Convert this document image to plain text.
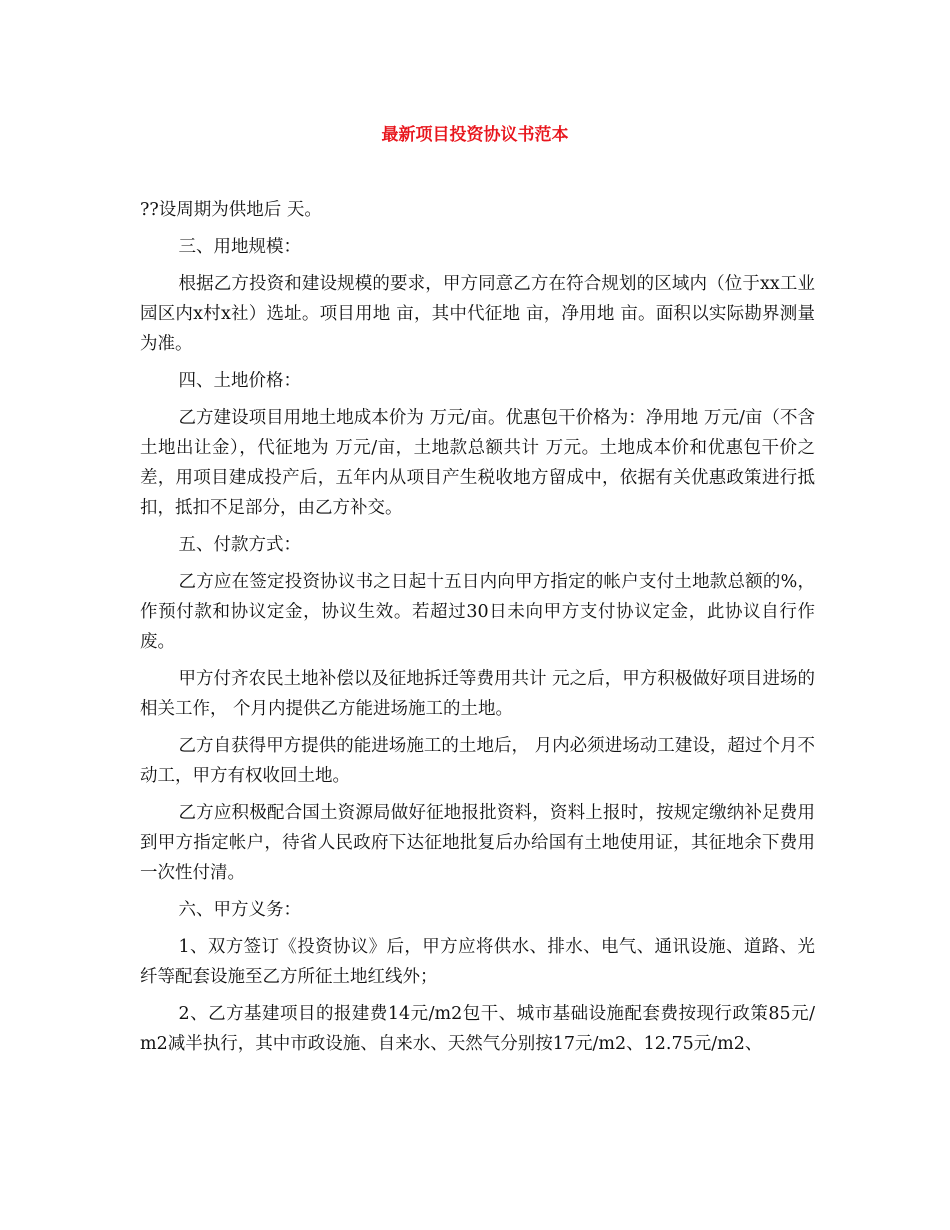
最新项目投资协议书范本

??设周期为供地后 天。

三、用地规模：

根据乙方投资和建设规模的要求，甲方同意乙方在符合规划的区域内（位于xx工业园区内x村x社）选址。项目用地 亩，其中代征地 亩，净用地 亩。面积以实际勘界测量为准。

四、土地价格：

乙方建设项目用地土地成本价为 万元/亩。优惠包干价格为：净用地 万元/亩（不含土地出让金），代征地为 万元/亩，土地款总额共计 万元。土地成本价和优惠包干价之差，用项目建成投产后，五年内从项目产生税收地方留成中，依据有关优惠政策进行抵扣，抵扣不足部分，由乙方补交。

五、付款方式：

乙方应在签定投资协议书之日起十五日内向甲方指定的帐户支付土地款总额的%，作预付款和协议定金，协议生效。若超过30日未向甲方支付协议定金，此协议自行作废。

甲方付齐农民土地补偿以及征地拆迁等费用共计 元之后，甲方积极做好项目进场的相关工作， 个月内提供乙方能进场施工的土地。

乙方自获得甲方提供的能进场施工的土地后， 月内必须进场动工建设，超过个月不动工，甲方有权收回土地。

乙方应积极配合国土资源局做好征地报批资料，资料上报时，按规定缴纳补足费用到甲方指定帐户，待省人民政府下达征地批复后办给国有土地使用证，其征地余下费用一次性付清。

六、甲方义务：

1、双方签订《投资协议》后，甲方应将供水、排水、电气、通讯设施、道路、光纤等配套设施至乙方所征土地红线外；

2、乙方基建项目的报建费14元/m2包干、城市基础设施配套费按现行政策85元/m2减半执行，其中市政设施、自来水、天然气分别按17元/m2、12.75元/m2、
